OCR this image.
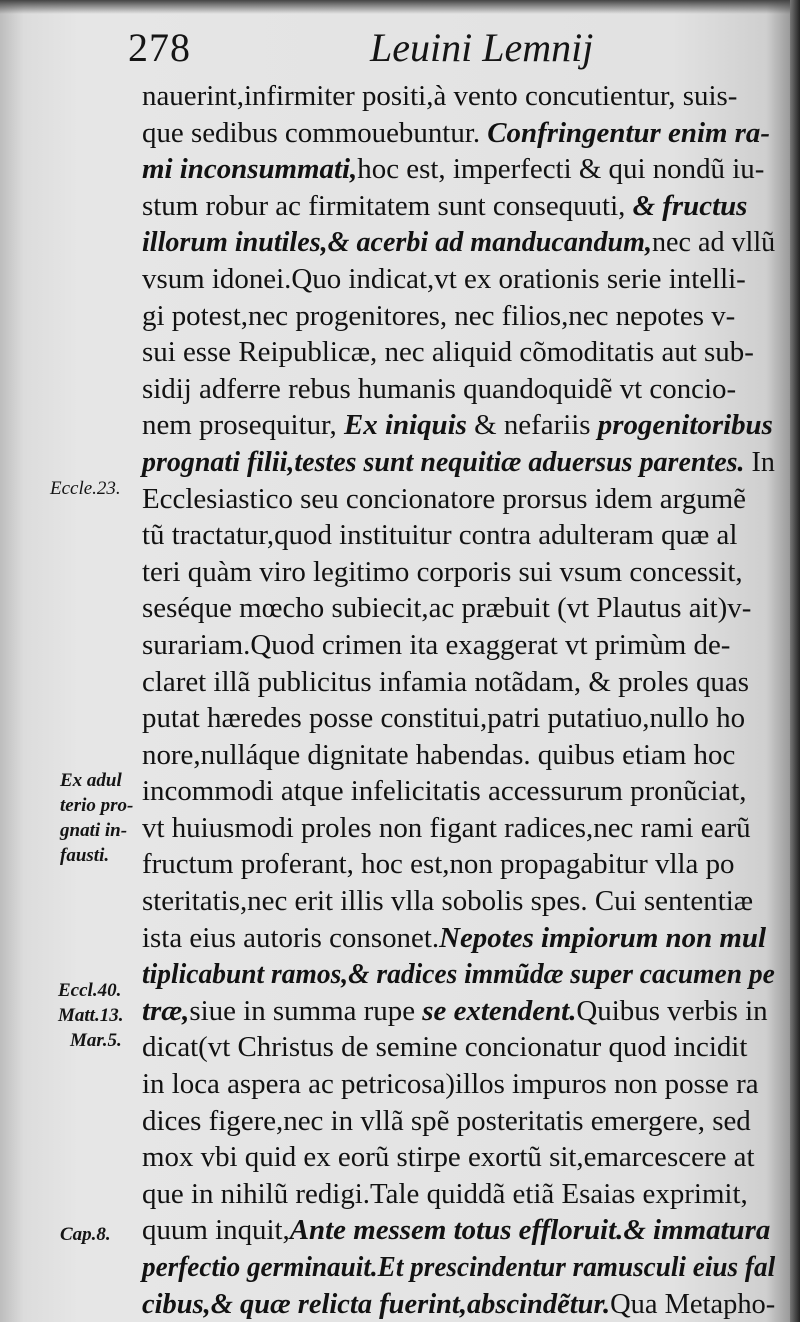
278	Leuini Lemnij
Eccle.23.
Ex adul
terio pro-
gnati in-
fausti.
Eccl.40.
Matt.13.
Mar.5.
Cap.8.
nauerint,infirmiter positi,à vento concutientur, suis-
que sedibus commouebuntur. Confringentur enim ra-
mi inconsummati,hoc est, imperfecti & qui nondũ iu-
stum robur ac firmitatem sunt consequuti, & fructus
illorum inutiles,& acerbi ad manducandum,nec ad vllũ
vsum idonei.Quo indicat,vt ex orationis serie intelli-
gi potest,nec progenitores, nec filios,nec nepotes v-
sui esse Reipublicæ, nec aliquid cõmoditatis aut sub-
sidij adferre rebus humanis quandoquidẽ vt concio-
nem prosequitur, Ex iniquis & nefariis progenitoribus
prognati filii,testes sunt nequitiæ aduersus parentes. In
Ecclesiastico seu concionatore prorsus idem argumẽ
tũ tractatur,quod instituitur contra adulteram quæ al
teri quàm viro legitimo corporis sui vsum concessit,
seséque mœcho subiecit,ac præbuit (vt Plautus ait)v-
surariam.Quod crimen ita exaggerat vt primùm de-
claret illã publicitus infamia notãdam, & proles quas
putat hæredes posse constitui,patri putatiuo,nullo ho
nore,nulláque dignitate habendas. quibus etiam hoc
incommodi atque infelicitatis accessurum pronũciat,
vt huiusmodi proles non figant radices,nec rami earũ
fructum proferant, hoc est,non propagabitur vlla po
steritatis,nec erit illis vlla sobolis spes. Cui sententiæ
ista eius autoris consonet.Nepotes impiorum non mul
tiplicabunt ramos,& radices immũdæ super cacumen pe
træ,siue in summa rupe se extendent.Quibus verbis in
dicat(vt Christus de semine concionatur quod incidit
in loca aspera ac petricosa)illos impuros non posse ra
dices figere,nec in vllã spẽ posteritatis emergere, sed
mox vbi quid ex eorũ stirpe exortũ sit,emarcescere at
que in nihilũ redigi.Tale quiddã etiã Esaias exprimit,
quum inquit,Ante messem totus effloruit.& immatura
perfectio germinauit.Et prescindentur ramusculi eius fal
cibus,& quæ relicta fuerint,abscindẽtur.Qua Metapho-
